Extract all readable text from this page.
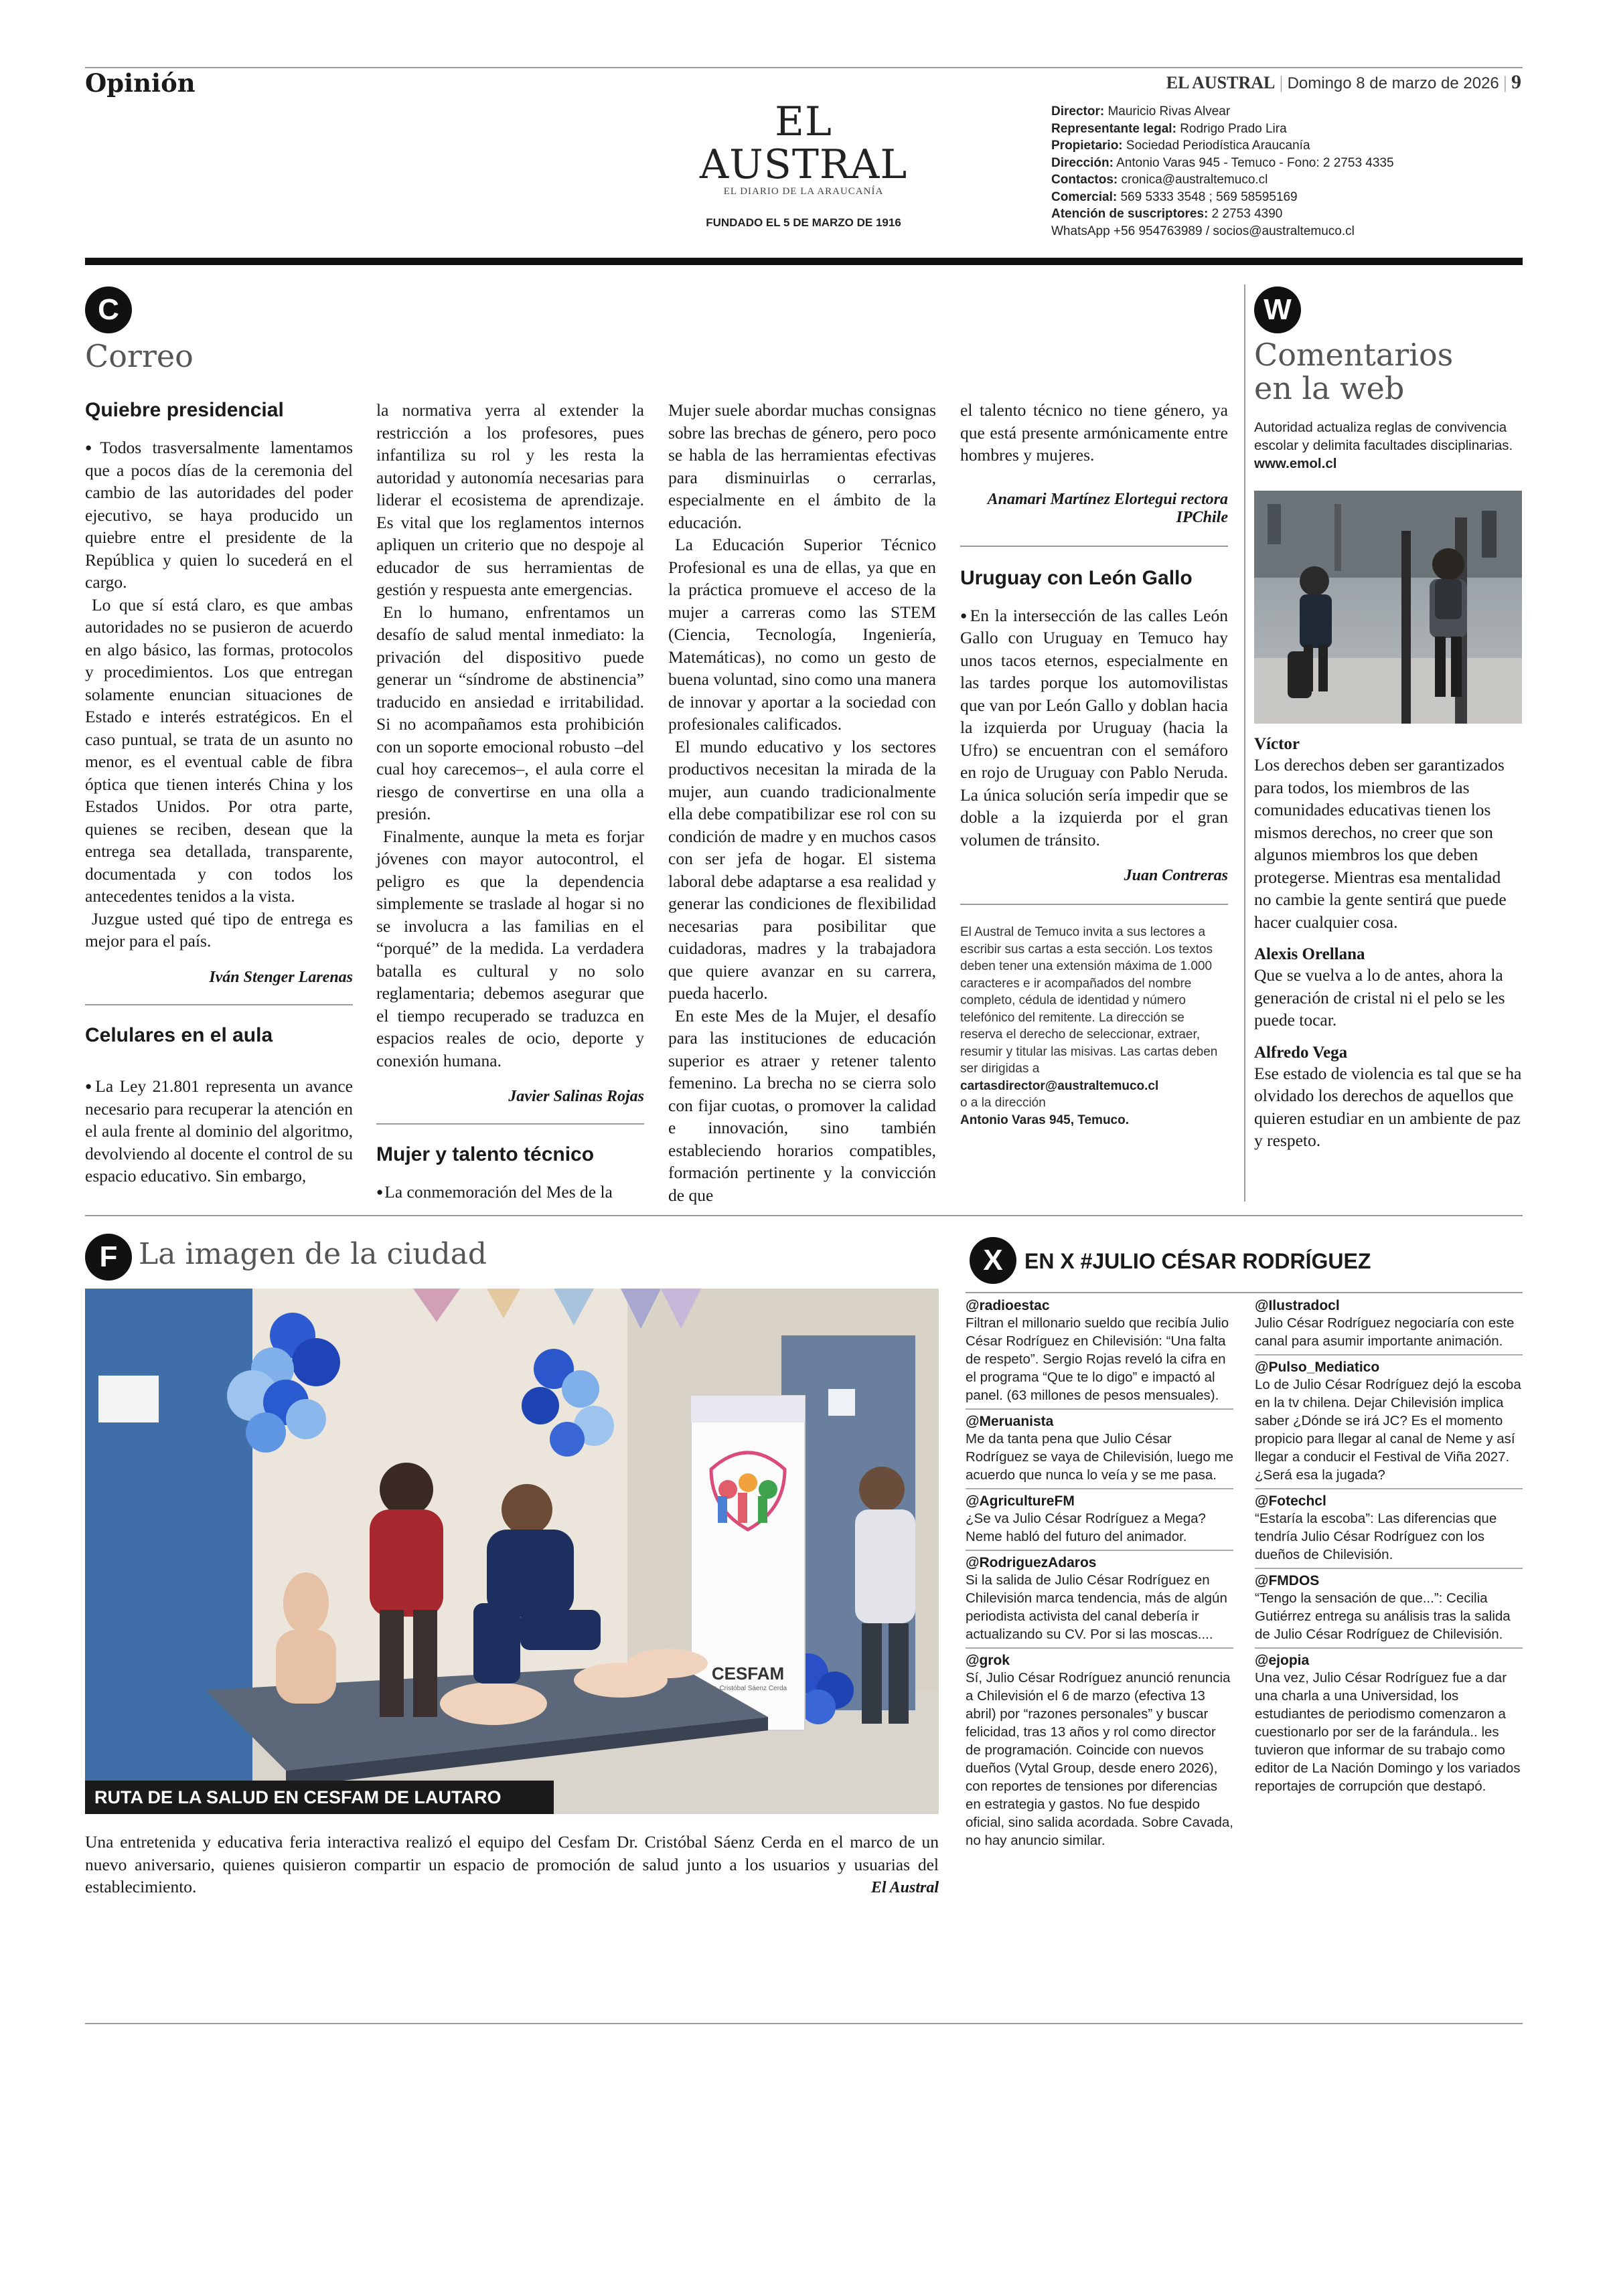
Opinión	EL AUSTRAL | Domingo 8 de marzo de 2026 | 9
EL AUSTRAL
EL DIARIO DE LA ARAUCANÍA
FUNDADO EL 5 DE MARZO DE 1916
Director: Mauricio Rivas Alvear
Representante legal: Rodrigo Prado Lira
Propietario: Sociedad Periodística Araucanía
Dirección: Antonio Varas 945 - Temuco - Fono: 2 2753 4335
Contactos: cronica@australtemuco.cl
Comercial: 569 5333 3548 ; 569 58595169
Atención de suscriptores: 2 2753 4390
WhatsApp +56 954763989 / socios@australtemuco.cl
C
Correo
Quiebre presidencial

● Todos trasversalmente lamentamos que a pocos días de la ceremonia del cambio de las autoridades del poder ejecutivo, se haya producido un quiebre entre el presidente de la República y quien lo sucederá en el cargo.

Lo que sí está claro, es que ambas autoridades no se pusieron de acuerdo en algo básico, las formas, protocolos y procedimientos. Los que entregan solamente enuncian situaciones de Estado e interés estratégicos. En el caso puntual, se trata de un asunto no menor, es el eventual cable de fibra óptica que tienen interés China y los Estados Unidos. Por otra parte, quienes se reciben, desean que la entrega sea detallada, transparente, documentada y con todos los antecedentes tenidos a la vista.

Juzgue usted qué tipo de entrega es mejor para el país.

Iván Stenger Larenas
Celulares en el aula

● La Ley 21.801 representa un avance necesario para recuperar la atención en el aula frente al dominio del algoritmo, devolviendo al docente el control de su espacio educativo. Sin embargo,

la normativa yerra al extender la restricción a los profesores, pues infantiliza su rol y les resta la autoridad y autonomía necesarias para liderar el ecosistema de aprendizaje. Es vital que los reglamentos internos apliquen un criterio que no despoje al educador de sus herramientas de gestión y respuesta ante emergencias.

En lo humano, enfrentamos un desafío de salud mental inmediato: la privación del dispositivo puede generar un “síndrome de abstinencia” traducido en ansiedad e irritabilidad. Si no acompañamos esta prohibición con un soporte emocional robusto –del cual hoy carecemos–, el aula corre el riesgo de convertirse en una olla a presión.

Finalmente, aunque la meta es forjar jóvenes con mayor autocontrol, el peligro es que la dependencia simplemente se traslade al hogar si no se involucra a las familias en el “porqué” de la medida. La verdadera batalla es cultural y no solo reglamentaria; debemos asegurar que el tiempo recuperado se traduzca en espacios reales de ocio, deporte y conexión humana.

Javier Salinas Rojas
Mujer y talento técnico

● La conmemoración del Mes de la

Mujer suele abordar muchas consignas sobre las brechas de género, pero poco se habla de las herramientas efectivas para disminuirlas o cerrarlas, especialmente en el ámbito de la educación.

La Educación Superior Técnico Profesional es una de ellas, ya que en la práctica promueve el acceso de la mujer a carreras como las STEM (Ciencia, Tecnología, Ingeniería, Matemáticas), no como un gesto de buena voluntad, sino como una manera de innovar y aportar a la sociedad con profesionales calificados.

El mundo educativo y los sectores productivos necesitan la mirada de la mujer, aun cuando tradicionalmente ella debe compatibilizar ese rol con su condición de madre y en muchos casos con ser jefa de hogar. El sistema laboral debe adaptarse a esa realidad y generar las condiciones de flexibilidad necesarias para posibilitar que cuidadoras, madres y la trabajadora que quiere avanzar en su carrera, pueda hacerlo.

En este Mes de la Mujer, el desafío para las instituciones de educación superior es atraer y retener talento femenino. La brecha no se cierra solo con fijar cuotas, o promover la calidad e innovación, sino también estableciendo horarios compatibles, formación pertinente y la convicción de que

el talento técnico no tiene género, ya que está presente armónicamente entre hombres y mujeres.

Anamari Martínez Elortegui rectora
IPChile
Uruguay con León Gallo

● En la intersección de las calles León Gallo con Uruguay en Temuco hay unos tacos eternos, especialmente en las tardes porque los automovilistas que van por León Gallo y doblan hacia la izquierda por Uruguay (hacia la Ufro) se encuentran con el semáforo en rojo de Uruguay con Pablo Neruda. La única solución sería impedir que se doble a la izquierda por el gran volumen de tránsito.

Juan Contreras
El Austral de Temuco invita a sus lectores a escribir sus cartas a esta sección. Los textos deben tener una extensión máxima de 1.000 caracteres e ir acompañados del nombre completo, cédula de identidad y número telefónico del remitente. La dirección se reserva el derecho de seleccionar, extraer, resumir y titular las misivas. Las cartas deben ser dirigidas a
cartasdirector@australtemuco.cl
o a la dirección
Antonio Varas 945, Temuco.
W
Comentarios
en la web
Autoridad actualiza reglas de convivencia escolar y delimita facultades disciplinarias. www.emol.cl
Víctor
Los derechos deben ser garantizados para todos, los miembros de las comunidades educativas tienen los mismos derechos, no creer que son algunos miembros los que deben protegerse. Mientras esa mentalidad no cambie la gente sentirá que puede hacer cualquier cosa.
Alexis Orellana
Que se vuelva a lo de antes, ahora la generación de cristal ni el pelo se les puede tocar.
Alfredo Vega
Ese estado de violencia es tal que se ha olvidado los derechos de aquellos que quieren estudiar en un ambiente de paz y respeto.
F La imagen de la ciudad
RUTA DE LA SALUD EN CESFAM DE LAUTARO
CESFAM
Dr. Cristóbal Sáenz Cerda
Una entretenida y educativa feria interactiva realizó el equipo del Cesfam Dr. Cristóbal Sáenz Cerda en el marco de un nuevo aniversario, quienes quisieron compartir un espacio de promoción de salud junto a los usuarios y usuarias del establecimiento.	El Austral
X	EN X #JULIO CÉSAR RODRÍGUEZ
@radioestac
Filtran el millonario sueldo que recibía Julio César Rodríguez en Chilevisión: “Una falta de respeto”. Sergio Rojas reveló la cifra en el programa “Que te lo digo” e impactó al panel. (63 millones de pesos mensuales).
@Meruanista
Me da tanta pena que Julio César Rodríguez se vaya de Chilevisión, luego me acuerdo que nunca lo veía y se me pasa.
@AgricultureFM
¿Se va Julio César Rodríguez a Mega? Neme habló del futuro del animador.
@RodriguezAdaros
Si la salida de Julio César Rodríguez en Chilevisión marca tendencia, más de algún periodista activista del canal debería ir actualizando su CV. Por si las moscas....
@grok
Sí, Julio César Rodríguez anunció renuncia a Chilevisión el 6 de marzo (efectiva 13 abril) por “razones personales” y buscar felicidad, tras 13 años y rol como director de programación. Coincide con nuevos dueños (Vytal Group, desde enero 2026), con reportes de tensiones por diferencias en estrategia y gastos. No fue despido oficial, sino salida acordada. Sobre Cavada, no hay anuncio similar.
@Ilustradocl
Julio César Rodríguez negociaría con este canal para asumir importante animación.
@Pulso_Mediatico
Lo de Julio César Rodríguez dejó la escoba en la tv chilena. Dejar Chilevisión implica saber ¿Dónde se irá JC? Es el momento propicio para llegar al canal de Neme y así llegar a conducir el Festival de Viña 2027. ¿Será esa la jugada?
@Fotechcl
“Estaría la escoba”: Las diferencias que tendría Julio César Rodríguez con los dueños de Chilevisión.
@FMDOS
“Tengo la sensación de que...”: Cecilia Gutiérrez entrega su análisis tras la salida de Julio César Rodríguez de Chilevisión.
@ejopia
Una vez, Julio César Rodríguez fue a dar una charla a una Universidad, los estudiantes de periodismo comenzaron a cuestionarlo por ser de la farándula.. les tuvieron que informar de su trabajo como editor de La Nación Domingo y los variados reportajes de corrupción que destapó.
